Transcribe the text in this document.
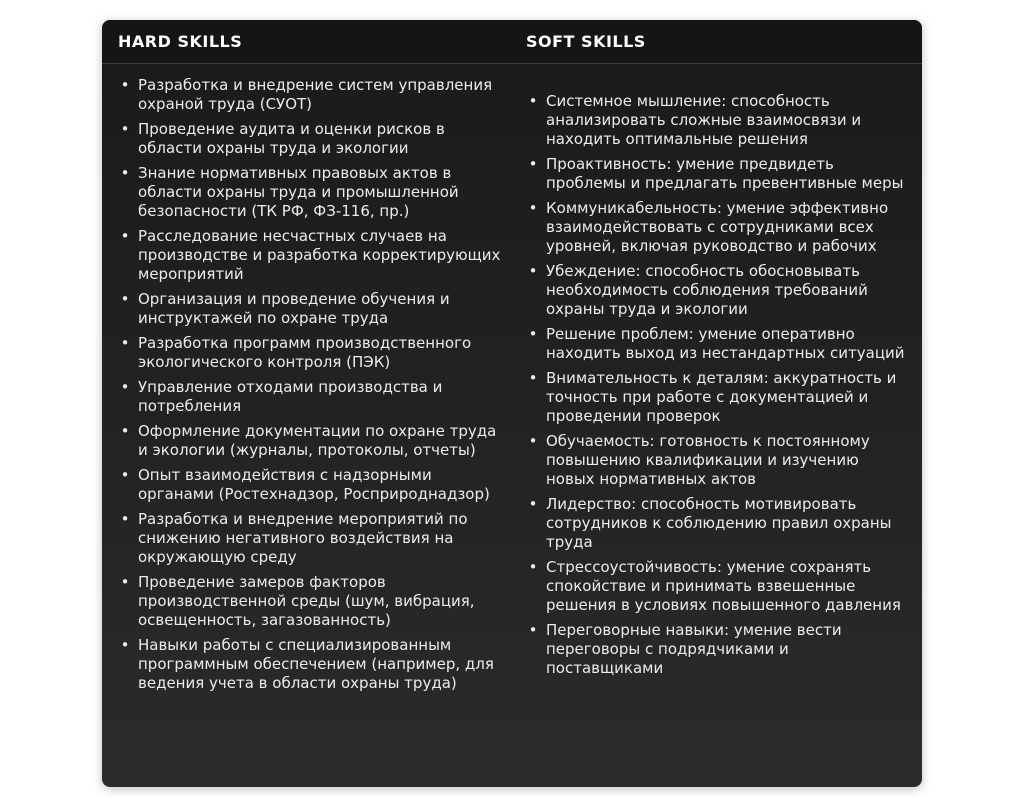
HARD SKILLS	SOFT SKILLS
• Разработка и внедрение систем управления охраной труда (СУОТ)
• Проведение аудита и оценки рисков в области охраны труда и экологии
• Знание нормативных правовых актов в области охраны труда и промышленной безопасности (ТК РФ, ФЗ-116, пр.)
• Расследование несчастных случаев на производстве и разработка корректирующих мероприятий
• Организация и проведение обучения и инструктажей по охране труда
• Разработка программ производственного экологического контроля (ПЭК)
• Управление отходами производства и потребления
• Оформление документации по охране труда и экологии (журналы, протоколы, отчеты)
• Опыт взаимодействия с надзорными органами (Ростехнадзор, Росприроднадзор)
• Разработка и внедрение мероприятий по снижению негативного воздействия на окружающую среду
• Проведение замеров факторов производственной среды (шум, вибрация, освещенность, загазованность)
• Навыки работы с специализированным программным обеспечением (например, для ведения учета в области охраны труда)
• Системное мышление: способность анализировать сложные взаимосвязи и находить оптимальные решения
• Проактивность: умение предвидеть проблемы и предлагать превентивные меры
• Коммуникабельность: умение эффективно взаимодействовать с сотрудниками всех уровней, включая руководство и рабочих
• Убеждение: способность обосновывать необходимость соблюдения требований охраны труда и экологии
• Решение проблем: умение оперативно находить выход из нестандартных ситуаций
• Внимательность к деталям: аккуратность и точность при работе с документацией и проведении проверок
• Обучаемость: готовность к постоянному повышению квалификации и изучению новых нормативных актов
• Лидерство: способность мотивировать сотрудников к соблюдению правил охраны труда
• Стрессоустойчивость: умение сохранять спокойствие и принимать взвешенные решения в условиях повышенного давления
• Переговорные навыки: умение вести переговоры с подрядчиками и поставщиками
